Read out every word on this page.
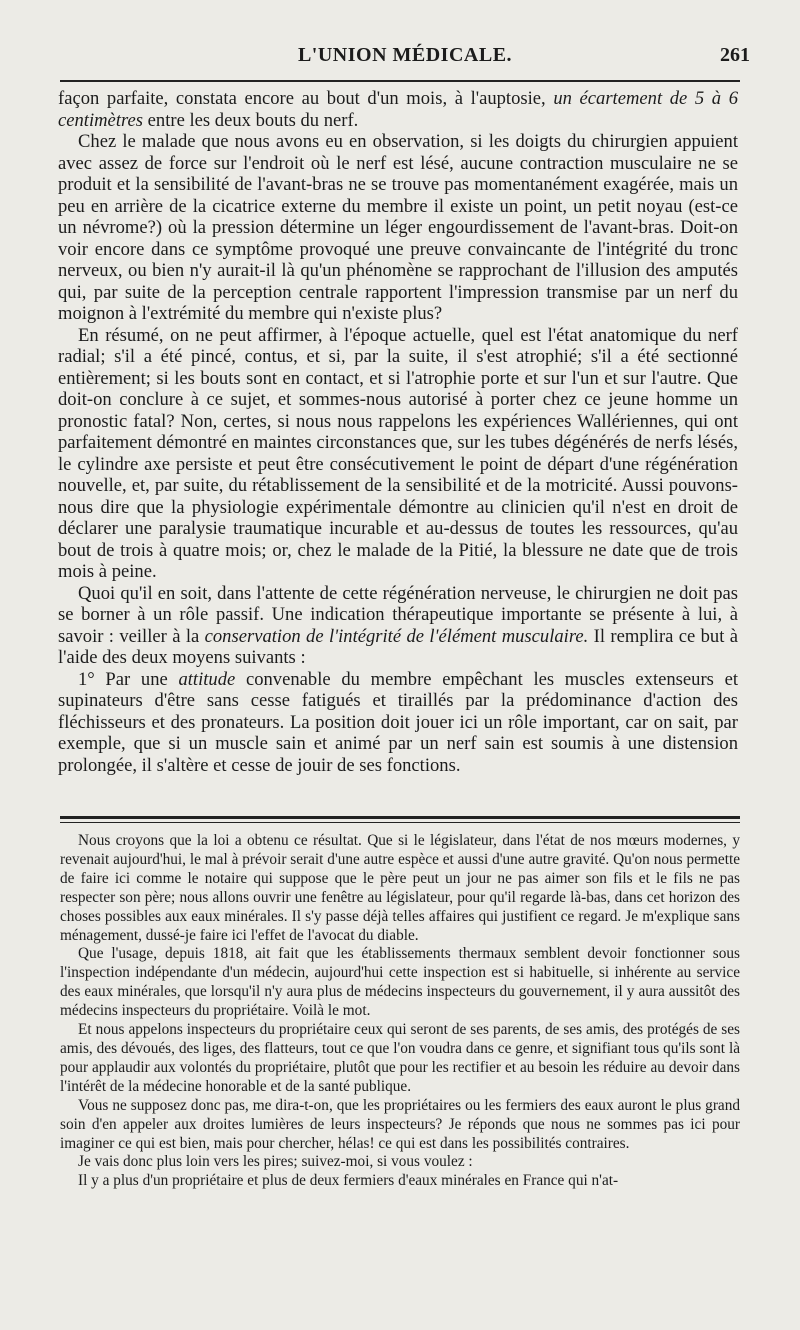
L'UNION MÉDICALE.	261

façon parfaite, constata encore au bout d'un mois, à l'auptosie, un écartement de 5 à 6 centimètres entre les deux bouts du nerf.

Chez le malade que nous avons eu en observation, si les doigts du chirurgien appuient avec assez de force sur l'endroit où le nerf est lésé, aucune contraction musculaire ne se produit et la sensibilité de l'avant-bras ne se trouve pas momentanément exagérée, mais un peu en arrière de la cicatrice externe du membre il existe un point, un petit noyau (est-ce un névrome?) où la pression détermine un léger engourdissement de l'avant-bras. Doit-on voir encore dans ce symptôme provoqué une preuve convaincante de l'intégrité du tronc nerveux, ou bien n'y aurait-il là qu'un phénomène se rapprochant de l'illusion des amputés qui, par suite de la perception centrale rapportent l'impression transmise par un nerf du moignon à l'extrémité du membre qui n'existe plus?

En résumé, on ne peut affirmer, à l'époque actuelle, quel est l'état anatomique du nerf radial; s'il a été pincé, contus, et si, par la suite, il s'est atrophié; s'il a été sectionné entièrement; si les bouts sont en contact, et si l'atrophie porte et sur l'un et sur l'autre. Que doit-on conclure à ce sujet, et sommes-nous autorisé à porter chez ce jeune homme un pronostic fatal? Non, certes, si nous nous rappelons les expériences Wallériennes, qui ont parfaitement démontré en maintes circonstances que, sur les tubes dégénérés de nerfs lésés, le cylindre axe persiste et peut être consécutivement le point de départ d'une régénération nouvelle, et, par suite, du rétablissement de la sensibilité et de la motricité. Aussi pouvons-nous dire que la physiologie expérimentale démontre au clinicien qu'il n'est en droit de déclarer une paralysie traumatique incurable et au-dessus de toutes les ressources, qu'au bout de trois à quatre mois; or, chez le malade de la Pitié, la blessure ne date que de trois mois à peine.

Quoi qu'il en soit, dans l'attente de cette régénération nerveuse, le chirurgien ne doit pas se borner à un rôle passif. Une indication thérapeutique importante se présente à lui, à savoir : veiller à la conservation de l'intégrité de l'élément musculaire. Il remplira ce but à l'aide des deux moyens suivants :

1° Par une attitude convenable du membre empêchant les muscles extenseurs et supinateurs d'être sans cesse fatigués et tiraillés par la prédominance d'action des fléchisseurs et des pronateurs. La position doit jouer ici un rôle important, car on sait, par exemple, que si un muscle sain et animé par un nerf sain est soumis à une distension prolongée, il s'altère et cesse de jouir de ses fonctions.

Nous croyons que la loi a obtenu ce résultat. Que si le législateur, dans l'état de nos mœurs modernes, y revenait aujourd'hui, le mal à prévoir serait d'une autre espèce et aussi d'une autre gravité. Qu'on nous permette de faire ici comme le notaire qui suppose que le père peut un jour ne pas aimer son fils et le fils ne pas respecter son père; nous allons ouvrir une fenêtre au législateur, pour qu'il regarde là-bas, dans cet horizon des choses possibles aux eaux minérales. Il s'y passe déjà telles affaires qui justifient ce regard. Je m'explique sans ménagement, dussé-je faire ici l'effet de l'avocat du diable.

Que l'usage, depuis 1818, ait fait que les établissements thermaux semblent devoir fonctionner sous l'inspection indépendante d'un médecin, aujourd'hui cette inspection est si habituelle, si inhérente au service des eaux minérales, que lorsqu'il n'y aura plus de médecins inspecteurs du gouvernement, il y aura aussitôt des médecins inspecteurs du propriétaire. Voilà le mot.

Et nous appelons inspecteurs du propriétaire ceux qui seront de ses parents, de ses amis, des protégés de ses amis, des dévoués, des liges, des flatteurs, tout ce que l'on voudra dans ce genre, et signifiant tous qu'ils sont là pour applaudir aux volontés du propriétaire, plutôt que pour les rectifier et au besoin les réduire au devoir dans l'intérêt de la médecine honorable et de la santé publique.

Vous ne supposez donc pas, me dira-t-on, que les propriétaires ou les fermiers des eaux auront le plus grand soin d'en appeler aux droites lumières de leurs inspecteurs? Je réponds que nous ne sommes pas ici pour imaginer ce qui est bien, mais pour chercher, hélas! ce qui est dans les possibilités contraires.

Je vais donc plus loin vers les pires; suivez-moi, si vous voulez :

Il y a plus d'un propriétaire et plus de deux fermiers d'eaux minérales en France qui n'at-
